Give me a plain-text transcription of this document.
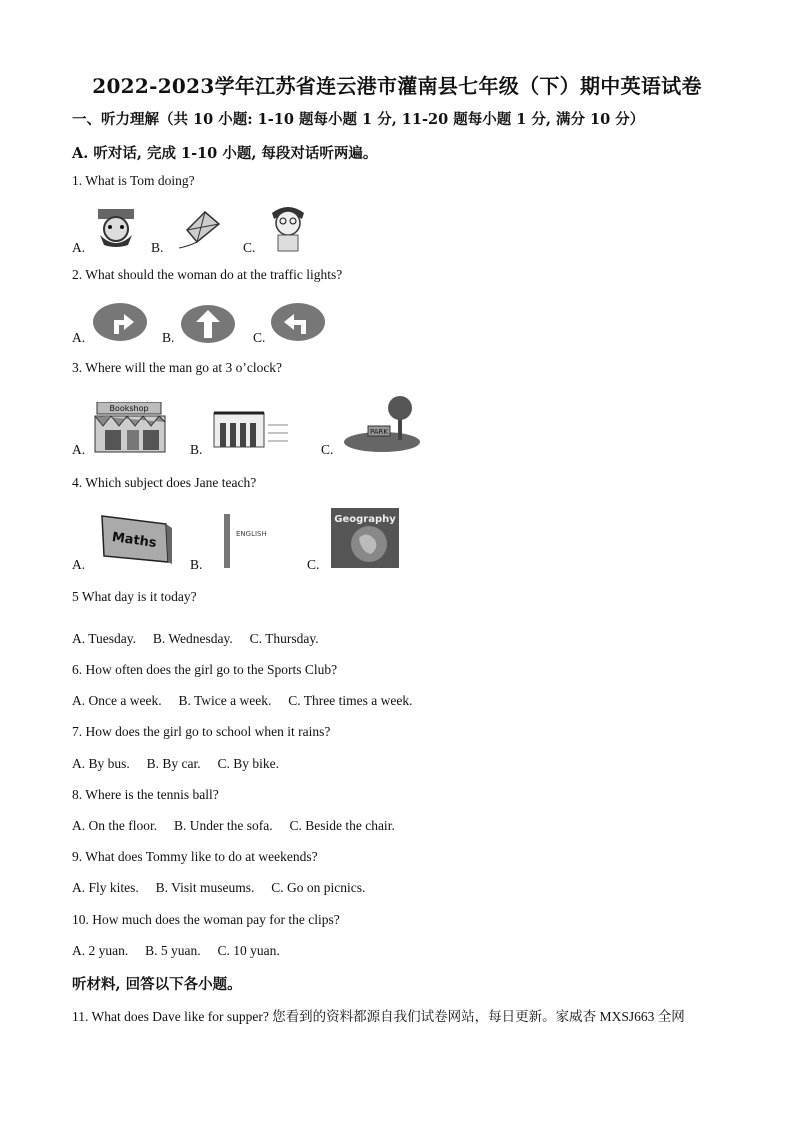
2022-2023学年江苏省连云港市灌南县七年级（下）期中英语试卷
一、听力理解（共 10 小题: 1-10 题每小题 1 分, 11-20 题每小题 1 分, 满分 10 分）
A. 听对话, 完成 1-10 小题, 每段对话听两遍。
1. What is Tom doing?
A.	B.	C.
2. What should the woman do at the traffic lights?
A.	B.	C.
3. Where will the man go at 3 o’clock?
A.
Bookshop
B.	C.
PARK
4. Which subject does Jane teach?
A.
Maths
B.
ENGLISH
C.
Geography
5 What day is it today?
A. Tuesday.     B. Wednesday.     C. Thursday.
6. How often does the girl go to the Sports Club?
A. Once a week.     B. Twice a week.     C. Three times a week.
7. How does the girl go to school when it rains?
A. By bus.     B. By car.     C. By bike.
8. Where is the tennis ball?
A. On the floor.     B. Under the sofa.     C. Beside the chair.
9. What does Tommy like to do at weekends?
A. Fly kites.     B. Visit museums.     C. Go on picnics.
10. How much does the woman pay for the clips?
A. 2 yuan.     B. 5 yuan.     C. 10 yuan.
听材料, 回答以下各小题。
11. What does Dave like for supper? 您看到的资料都源自我们试卷网站，每日更新。家威杏 MXSJ663 全网
